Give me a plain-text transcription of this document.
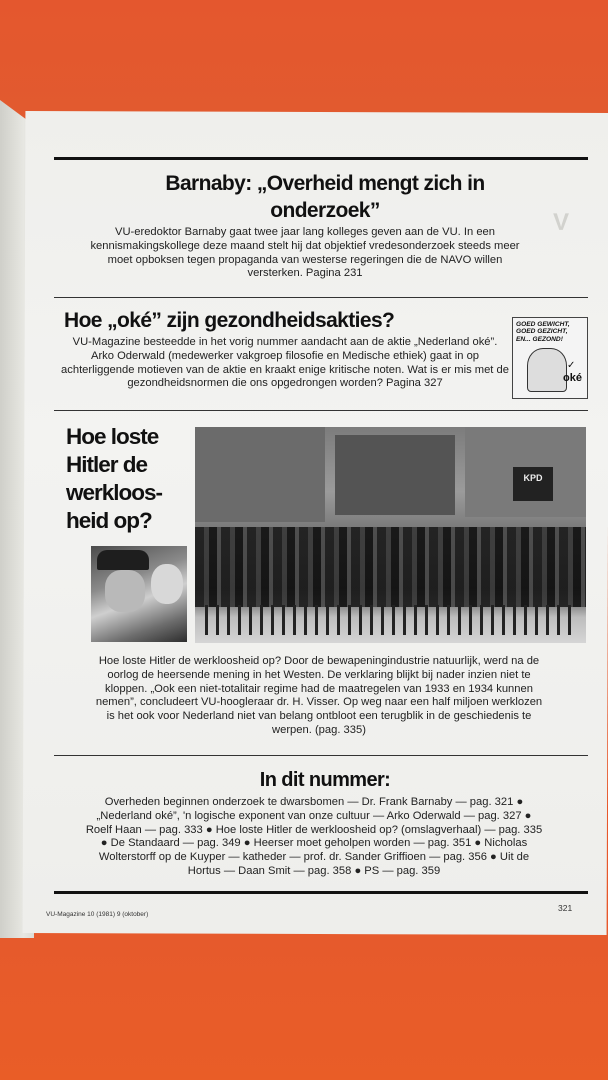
V
Barnaby: „Overheid mengt zich in onderzoek”

VU-eredoktor Barnaby gaat twee jaar lang kolleges geven aan de VU. In een kennismakingskollege deze maand stelt hij dat objektief vredesonderzoek steeds meer moet opboksen tegen propaganda van westerse regeringen die de NAVO willen versterken. Pagina 231

Hoe „oké” zijn gezondheidsakties?

VU-Magazine besteedde in het vorig nummer aandacht aan de aktie „Nederland oké”. Arko Oderwald (medewerker vakgroep filosofie en Medische ethiek) gaat in op achterliggende motieven van de aktie en kraakt enige kritische noten. Wat is er mis met de gezondheidsnormen die ons opgedrongen worden? Pagina 327

GOED GEWICHT, GOED GEZICHT, EN... GEZOND!
✓
oké
Hoe loste Hitler de werkloos-heid op?
KPD

Hoe loste Hitler de werkloosheid op? Door de bewapeningindustrie natuurlijk, werd na de oorlog de heersende mening in het Westen. De verklaring blijkt bij nader inzien niet te kloppen. „Ook een niet-totalitair regime had de maatregelen van 1933 en 1934 kunnen nemen”, concludeert VU-hoogleraar dr. H. Visser. Op weg naar een half miljoen werklozen is het ook voor Nederland niet van belang ontbloot een terugblik in de geschiedenis te werpen. (pag. 335)

In dit nummer:

Overheden beginnen onderzoek te dwarsbomen — Dr. Frank Barnaby — pag. 321 ● „Nederland oké”, 'n logische exponent van onze cultuur — Arko Oderwald — pag. 327 ● Roelf Haan — pag. 333 ● Hoe loste Hitler de werkloosheid op? (omslagverhaal) — pag. 335 ● De Standaard — pag. 349 ● Heerser moet geholpen worden — pag. 351 ● Nicholas Wolterstorff op de Kuyper — katheder — prof. dr. Sander Griffioen — pag. 356 ● Uit de Hortus — Daan Smit — pag. 358 ● PS — pag. 359

VU-Magazine 10 (1981) 9 (oktober)
321
